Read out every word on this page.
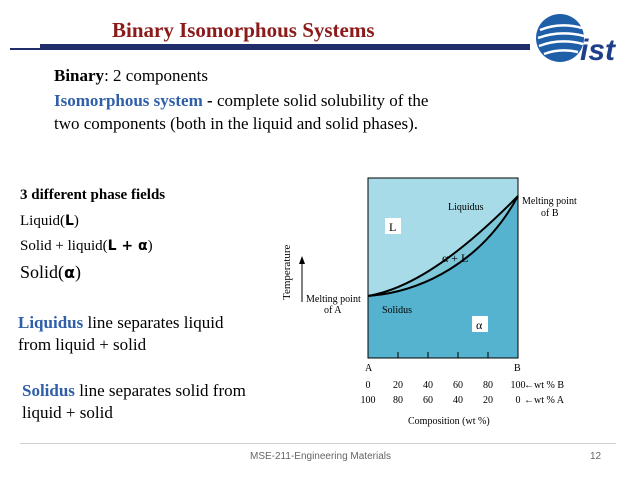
Binary Isomorphous Systems
ist
Binary: 2 components
Isomorphous system - complete solid solubility of the
two components (both in the liquid and solid phases).
3 different phase fields
Liquid(L)
Solid + liquid(L + α)
Solid(α)
Liquidus line separates liquid
from liquid + solid
Solidus line separates solid from
liquid + solid
Temperature
L
α + L
α
Liquidus
Solidus
Melting point
of B
Melting point
of A
A	B
0 20 40 60 80 100
100 80 60 40 20 0
←wt % B
←wt % A
Composition (wt %)
MSE-211-Engineering Materials	12
